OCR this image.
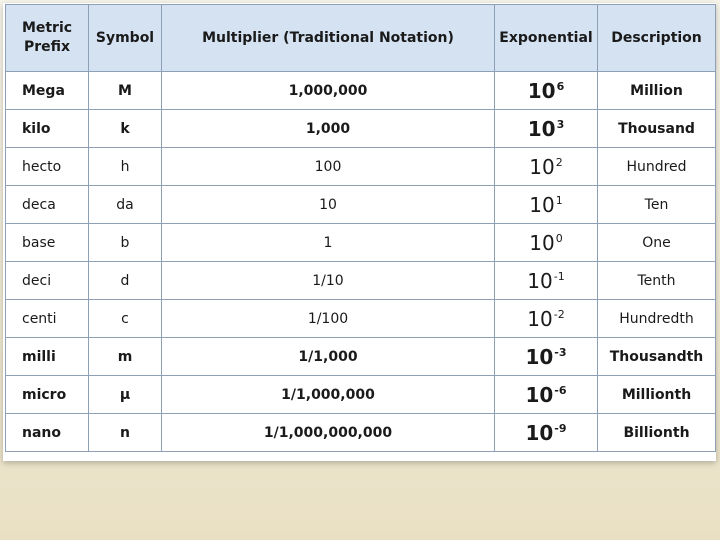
Metric
Prefix	Symbol	Multiplier (Traditional Notation)	Exponential	Description
Mega	M	1,000,000	$10^6$	Million
kilo	k	1,000	$10^3$	Thousand
hecto	h	100	$10^2$	Hundred
deca	da	10	$10^1$	Ten
base	b	1	$10^0$	One
deci	d	1/10	$10^{-1}$	Tenth
centi	c	1/100	$10^{-2}$	Hundredth
milli	m	1/1,000	$10^{-3}$	Thousandth
micro	µ	1/1,000,000	$10^{-6}$	Millionth
nano	n	1/1,000,000,000	$10^{-9}$	Billionth
